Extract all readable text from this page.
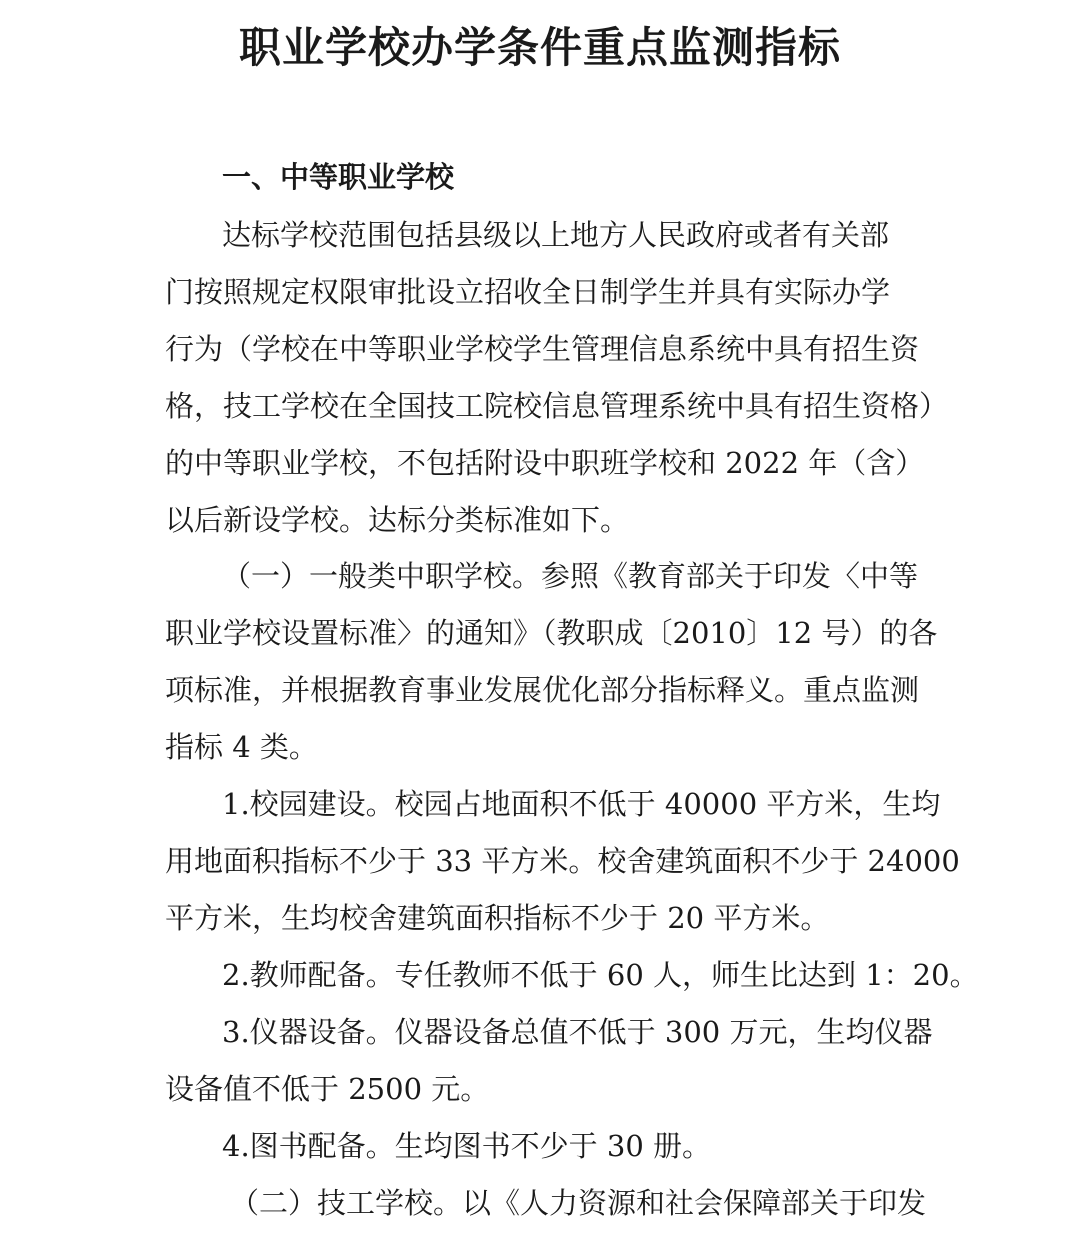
职业学校办学条件重点监测指标
一、中等职业学校
达标学校范围包括县级以上地方人民政府或者有关部
门按照规定权限审批设立招收全日制学生并具有实际办学
行为（学校在中等职业学校学生管理信息系统中具有招生资
格，技工学校在全国技工院校信息管理系统中具有招生资格）
的中等职业学校，不包括附设中职班学校和 2022 年（含）
以后新设学校。达标分类标准如下。
（一）一般类中职学校。参照《教育部关于印发〈中等
职业学校设置标准〉的通知》（教职成〔2010〕12 号）的各
项标准，并根据教育事业发展优化部分指标释义。重点监测
指标 4 类。
1.校园建设。校园占地面积不低于 40000 平方米，生均
用地面积指标不少于 33 平方米。校舍建筑面积不少于 24000
平方米，生均校舍建筑面积指标不少于 20 平方米。
2.教师配备。专任教师不低于 60 人，师生比达到 1：20。
3.仪器设备。仪器设备总值不低于 300 万元，生均仪器
设备值不低于 2500 元。
4.图书配备。生均图书不少于 30 册。
（二）技工学校。以《人力资源和社会保障部关于印发
